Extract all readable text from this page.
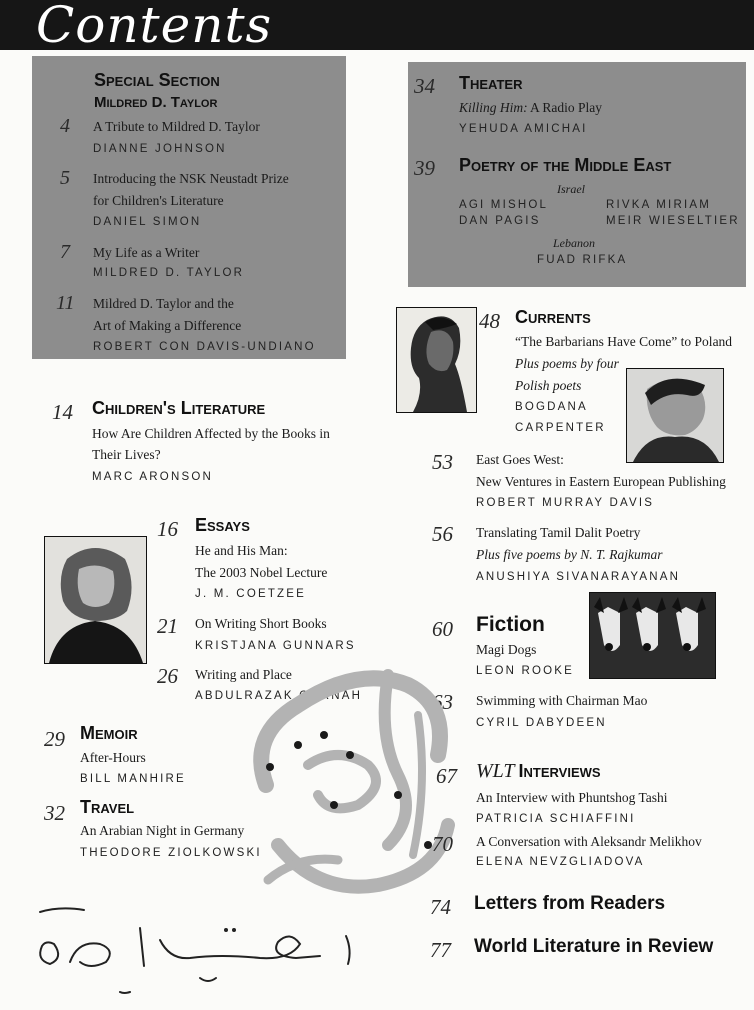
Contents
Special Section
Mildred D. Taylor
4 A Tribute to Mildred D. Taylor
DIANNE JOHNSON
5 Introducing the NSK Neustadt Prize
for Children's Literature
DANIEL SIMON
7 My Life as a Writer
MILDRED D. TAYLOR
11 Mildred D. Taylor and the
Art of Making a Difference
ROBERT CON DAVIS-UNDIANO
34 Theater
Killing Him: A Radio Play
YEHUDA AMICHAI
39 Poetry of the Middle East
Israel
AGI MISHOL
DAN PAGIS
RIVKA MIRIAM
MEIR WIESELTIER
Lebanon
FUAD RIFKA
48 Currents
“The Barbarians Have Come” to Poland
Plus poems by four
Polish poets
BOGDANA
CARPENTER
14 Children's Literature
How Are Children Affected by the Books in
Their Lives?
MARC ARONSON
53 East Goes West:
New Ventures in Eastern European Publishing
ROBERT MURRAY DAVIS
16 Essays
He and His Man:
The 2003 Nobel Lecture
J. M. COETZEE
56 Translating Tamil Dalit Poetry
Plus five poems by N. T. Rajkumar
ANUSHIYA SIVANARAYANAN
21 On Writing Short Books
KRISTJANA GUNNARS
60 Fiction
Magi Dogs
LEON ROOKE
26 Writing and Place
ABDULRAZAK GURNAH	63 Swimming with Chairman Mao
CYRIL DABYDEEN
29 Memoir
After-Hours
BILL MANHIRE	67 WLT Interviews
An Interview with Phuntshog Tashi
PATRICIA SCHIAFFINI
70 A Conversation with Aleksandr Melikhov
ELENA NEVZGLIADOVA
32 Travel
An Arabian Night in Germany
THEODORE ZIOLKOWSKI
74 Letters from Readers
77 World Literature in Review
